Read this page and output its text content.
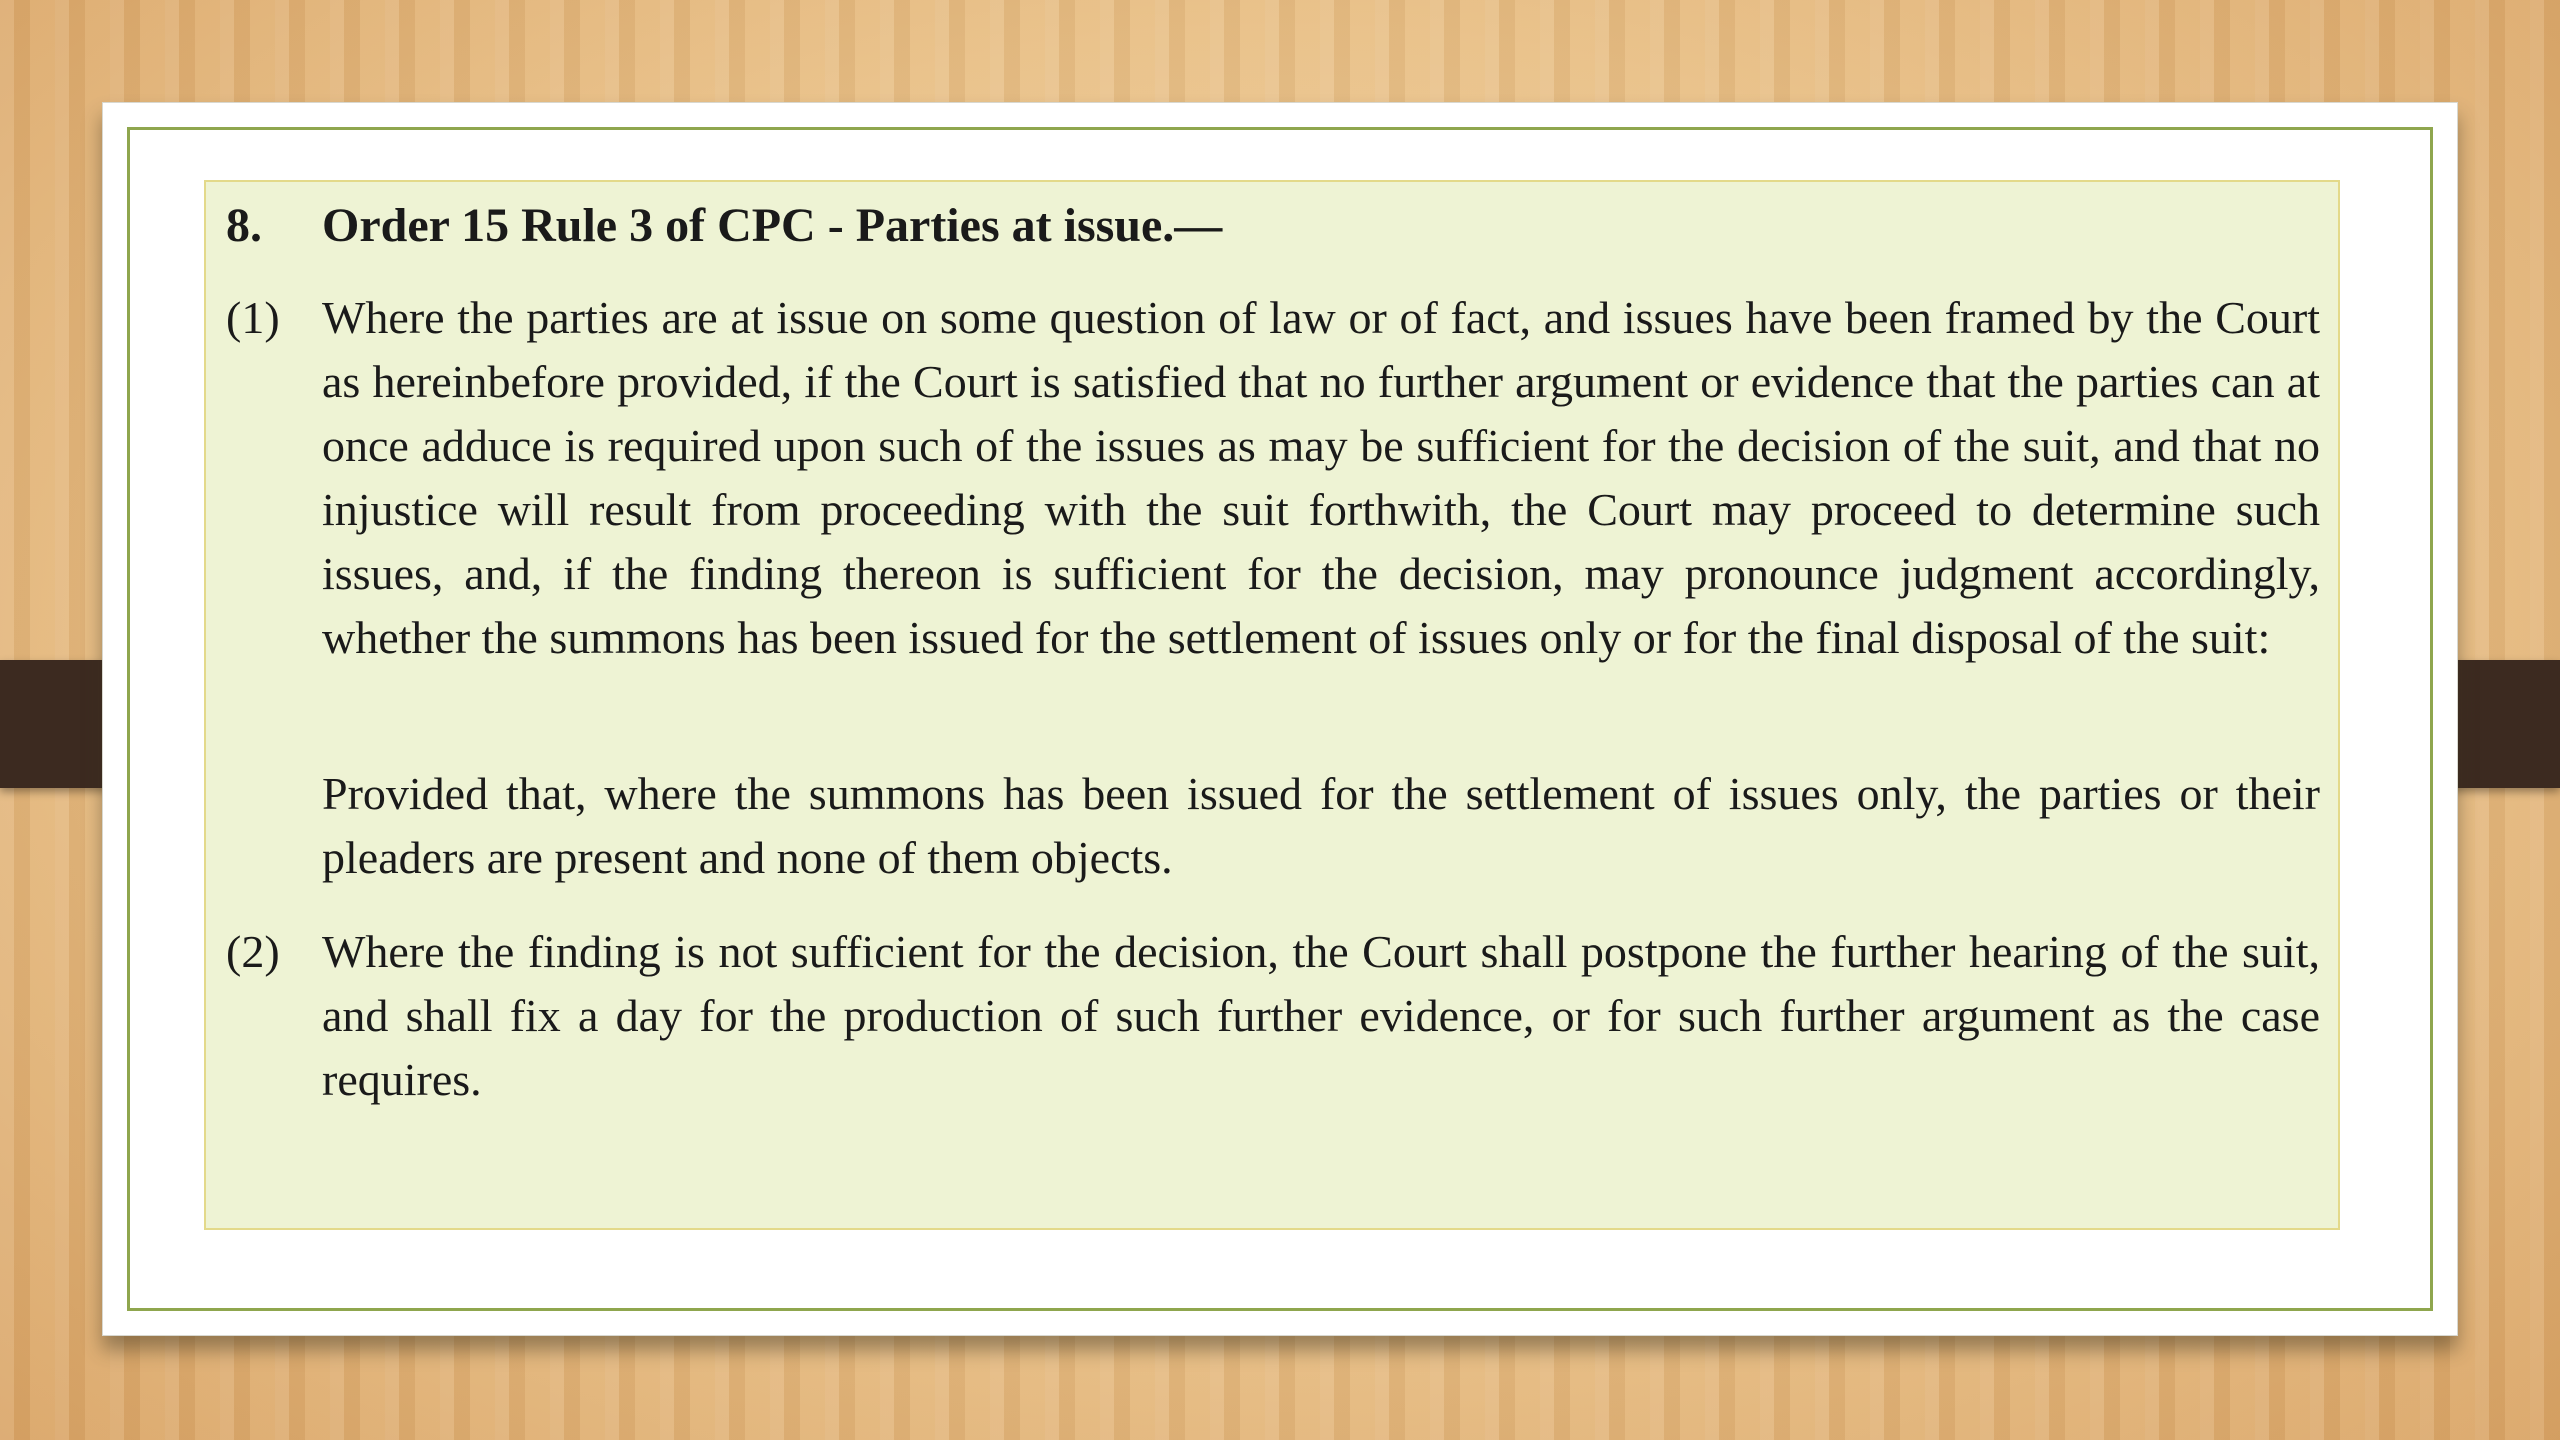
8. Order 15 Rule 3 of CPC - Parties at issue.—
(1) Where the parties are at issue on some question of law or of fact, and issues have been framed by the Court as hereinbefore provided, if the Court is satisfied that no further argument or evidence that the parties can at once adduce is required upon such of the issues as may be sufficient for the decision of the suit, and that no injustice will result from proceeding with the suit forthwith, the Court may proceed to determine such issues, and, if the finding thereon is sufficient for the decision, may pronounce judgment accordingly, whether the summons has been issued for the settlement of issues only or for the final disposal of the suit:
Provided that, where the summons has been issued for the settlement of issues only, the parties or their pleaders are present and none of them objects.
(2) Where the finding is not sufficient for the decision, the Court shall postpone the further hearing of the suit, and shall fix a day for the production of such further evidence, or for such further argument as the case requires.
